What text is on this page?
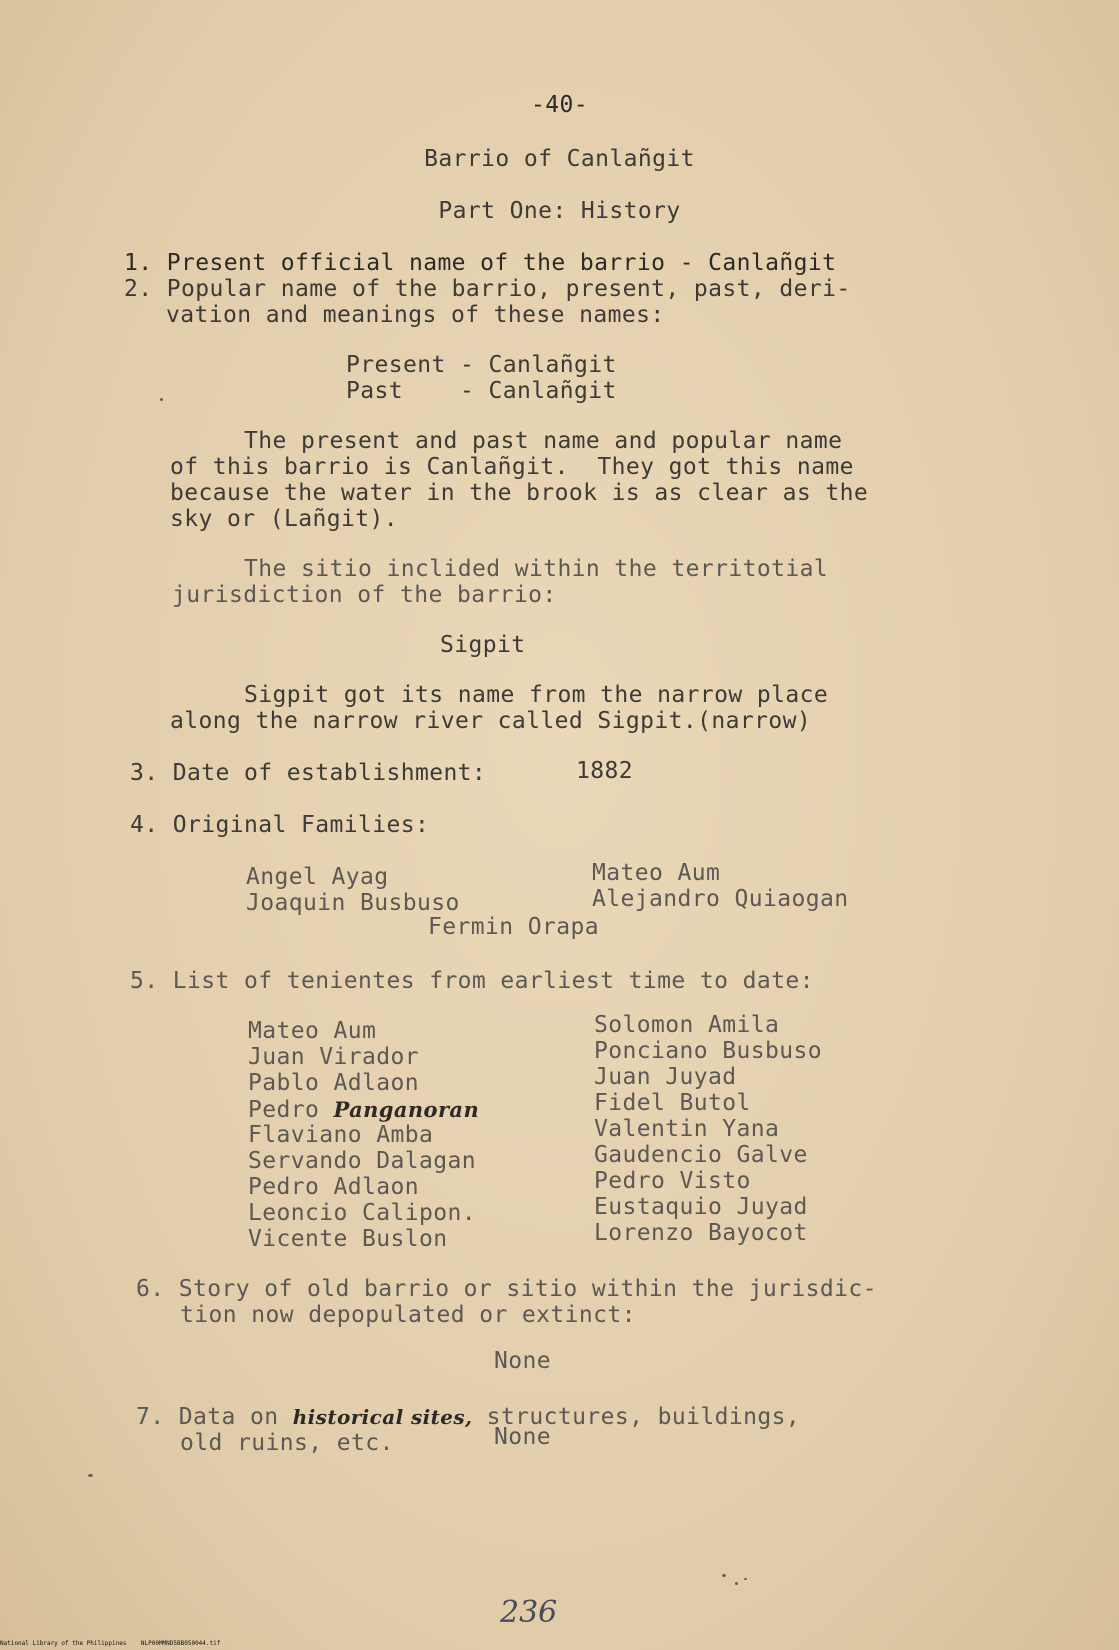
-40-
Barrio of Canlañgit
Part One: History
1. Present official name of the barrio - Canlañgit
2. Popular name of the barrio, present, past, deri-
vation and meanings of these names:
Present - Canlañgit
Past    - Canlañgit
The present and past name and popular name
of this barrio is Canlañgit.  They got this name
because the water in the brook is as clear as the
sky or (Lañgit).
The sitio inclided within the territotial
jurisdiction of the barrio:
Sigpit
Sigpit got its name from the narrow place
along the narrow river called Sigpit.(narrow)
3. Date of establishment:	1882
4. Original Families:
Angel Ayag
Joaquin Busbuso
Mateo Aum
Alejandro Quiaogan
Fermin Orapa
5. List of tenientes from earliest time to date:
Mateo Aum
Juan Virador
Pablo Adlaon
Pedro Panganoran
Flaviano Amba
Servando Dalagan
Pedro Adlaon
Leoncio Calipon.
Vicente Buslon
Solomon Amila
Ponciano Busbuso
Juan Juyad
Fidel Butol
Valentin Yana
Gaudencio Galve
Pedro Visto
Eustaquio Juyad
Lorenzo Bayocot
6. Story of old barrio or sitio within the jurisdic-
tion now depopulated or extinct:
None
7. Data on historical sites, structures, buildings,
old ruins, etc.	None
236
National Library of the Philippines    NLP00MMND5BB050044.tif
